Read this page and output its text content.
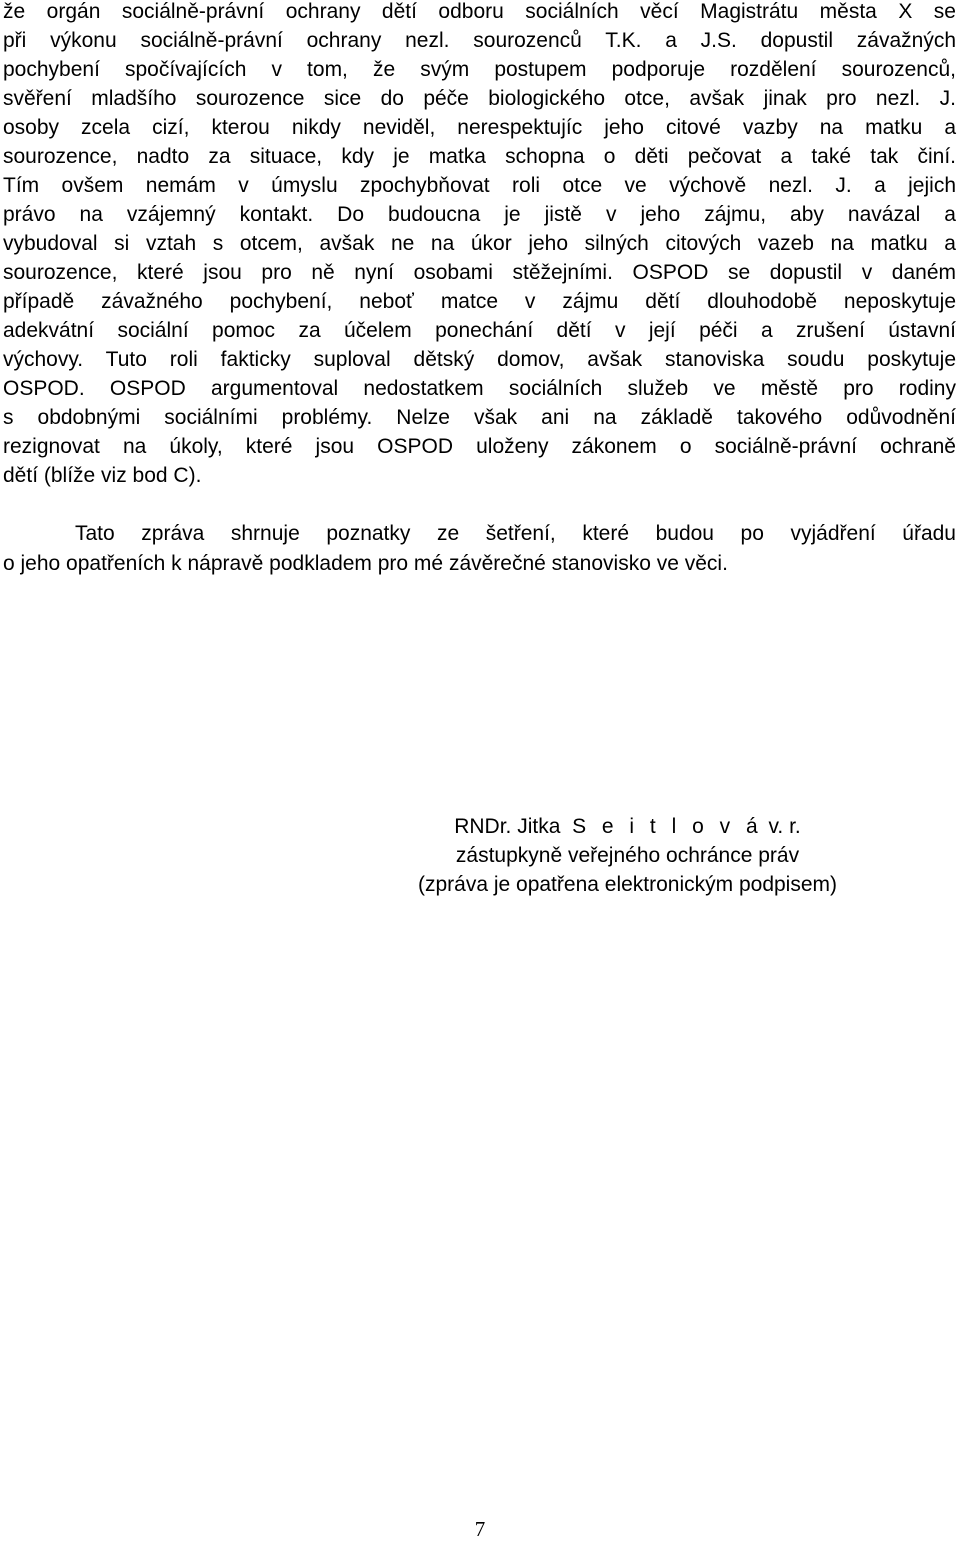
že orgán sociálně-právní ochrany dětí odboru sociálních věcí Magistrátu města X se
při výkonu sociálně-právní ochrany nezl. sourozenců T.K. a J.S. dopustil závažných
pochybení spočívajících v tom, že svým postupem podporuje rozdělení sourozenců,
svěření mladšího sourozence sice do péče biologického otce, avšak jinak pro nezl. J.
osoby zcela cizí, kterou nikdy neviděl, nerespektujíc jeho citové vazby na matku a
sourozence, nadto za situace, kdy je matka schopna o děti pečovat a také tak činí.
Tím ovšem nemám v úmyslu zpochybňovat roli otce ve výchově nezl. J. a jejich
právo na vzájemný kontakt. Do budoucna je jistě v jeho zájmu, aby navázal a
vybudoval si vztah s otcem, avšak ne na úkor jeho silných citových vazeb na matku a
sourozence, které jsou pro ně nyní osobami stěžejními. OSPOD se dopustil v daném
případě závažného pochybení, neboť matce v zájmu dětí dlouhodobě neposkytuje
adekvátní sociální pomoc za účelem ponechání dětí v její péči a zrušení ústavní
výchovy. Tuto roli fakticky suploval dětský domov, avšak stanoviska soudu poskytuje
OSPOD. OSPOD argumentoval nedostatkem sociálních služeb ve městě pro rodiny
s obdobnými sociálními problémy. Nelze však ani na základě takového odůvodnění
rezignovat na úkoly, které jsou OSPOD uloženy zákonem o sociálně-právní ochraně
dětí (blíže viz bod C).
Tato zpráva shrnuje poznatky ze šetření, které budou po vyjádření úřadu
o jeho opatřeních k nápravě podkladem pro mé závěrečné stanovisko ve věci.
RNDr. Jitka S e i t l o v á v. r.
zástupkyně veřejného ochránce práv
(zpráva je opatřena elektronickým podpisem)
7
